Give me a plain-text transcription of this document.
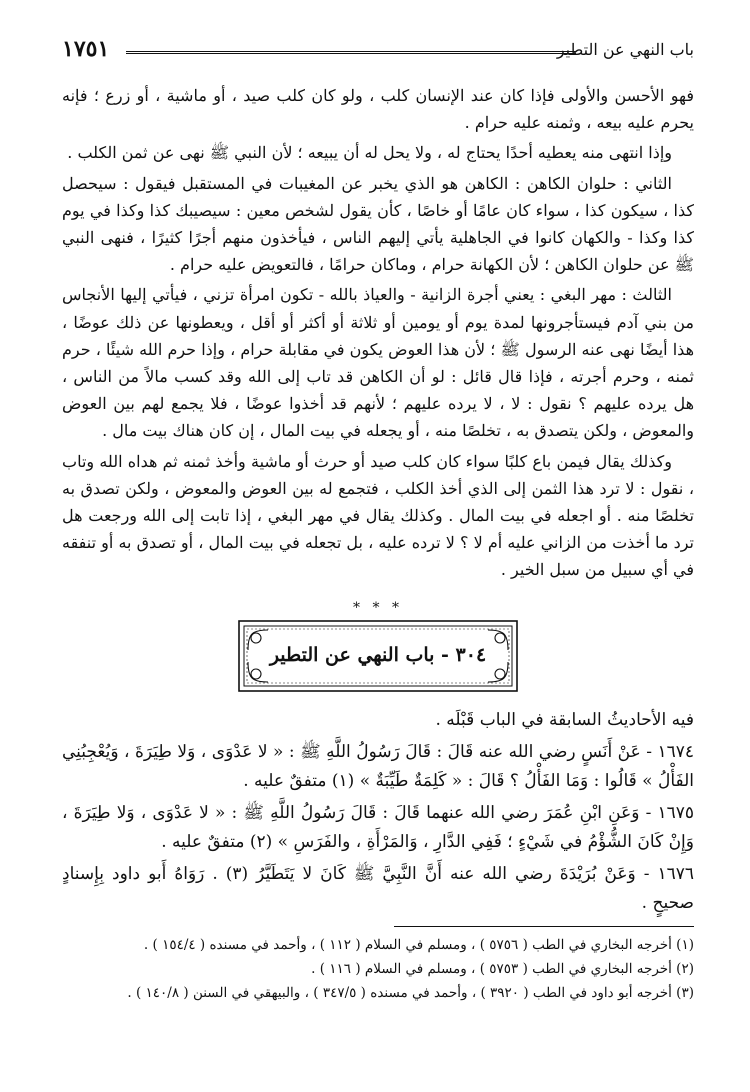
باب النهي عن التطير
١٧٥١

فهو الأحسن والأولى فإذا كان عند الإنسان كلب ، ولو كان كلب صيد ، أو ماشية ، أو زرع ؛ فإنه يحرم عليه بيعه ، وثمنه عليه حرام .

وإذا انتهى منه يعطيه أحدًا يحتاج له ، ولا يحل له أن يبيعه ؛ لأن النبي ﷺ نهى عن ثمن الكلب .

الثاني : حلوان الكاهن : الكاهن هو الذي يخبر عن المغيبات في المستقبل فيقول : سيحصل كذا ، سيكون كذا ، سواء كان عامًا أو خاصًا ، كأن يقول لشخص معين : سيصيبك كذا وكذا في يوم كذا وكذا - والكهان كانوا في الجاهلية يأتي إليهم الناس ، فيأخذون منهم أجرًا كثيرًا ، فنهى النبي ﷺ عن حلوان الكاهن ؛ لأن الكهانة حرام ، وماكان حرامًا ، فالتعويض عليه حرام .

الثالث : مهر البغي : يعني أجرة الزانية - والعياذ بالله - تكون امرأة تزني ، فيأتي إليها الأنجاس من بني آدم فيستأجرونها لمدة يوم أو يومين أو ثلاثة أو أكثر أو أقل ، ويعطونها عن ذلك عوضًا ، هذا أيضًا نهى عنه الرسول ﷺ ؛ لأن هذا العوض يكون في مقابلة حرام ، وإذا حرم الله شيئًا ، حرم ثمنه ، وحرم أجرته ، فإذا قال قائل : لو أن الكاهن قد تاب إلى الله وقد كسب مالاً من الناس ، هل يرده عليهم ؟ نقول : لا ، لا يرده عليهم ؛ لأنهم قد أخذوا عوضًا ، فلا يجمع لهم بين العوض والمعوض ، ولكن يتصدق به ، تخلصًا منه ، أو يجعله في بيت المال ، إن كان هناك بيت مال .

وكذلك يقال فيمن باع كلبًا سواء كان كلب صيد أو حرث أو ماشية وأخذ ثمنه ثم هداه الله وتاب ، نقول : لا ترد هذا الثمن إلى الذي أخذ الكلب ، فتجمع له بين العوض والمعوض ، ولكن تصدق به تخلصًا منه . أو اجعله في بيت المال . وكذلك يقال في مهر البغي ، إذا تابت إلى الله ورجعت هل ترد ما أخذت من الزاني عليه أم لا ؟ لا ترده عليه ، بل تجعله في بيت المال ، أو تصدق به أو تنفقه في أي سبيل من سبل الخير .

* * *
٣٠٤ - باب النهي عن التطير

فيه الأحاديثُ السابقة في الباب قَبْلَه .

١٦٧٤ - عَنْ أَنَسٍ رضي الله عنه قَالَ : قَالَ رَسُولُ اللَّهِ ﷺ : « لا عَدْوَى ، وَلا طِيَرَةَ ، وَيُعْجِبُنِي الفَأْلُ » قَالُوا : وَمَا الفَأْلُ ؟ قَالَ : « كَلِمَةٌ طَيِّبَةٌ » (١) متفقٌ عليه .

١٦٧٥ - وَعَنِ ابْنِ عُمَرَ رضي الله عنهما قَالَ : قَالَ رَسُولُ اللَّهِ ﷺ : « لا عَدْوَى ، وَلا طِيَرَةَ ، وَإِنْ كَانَ الشُّؤْمُ في شَيْءٍ ؛ فَفِي الدَّارِ ، وَالمَرْأَةِ ، والفَرَسِ » (٢) متفقٌ عليه .

١٦٧٦ - وَعَنْ بُرَيْدَةَ رضي الله عنه أَنَّ النَّبِيَّ ﷺ كَانَ لا يَتَطَيَّرُ (٣) . رَوَاهُ أَبو داود بِإِسنادٍ صحيحٍ .

(١) أخرجه البخاري في الطب ( ٥٧٥٦ ) ، ومسلم في السلام ( ١١٢ ) ، وأحمد في مسنده ( ١٥٤/٤ ) .

(٢) أخرجه البخاري في الطب ( ٥٧٥٣ ) ، ومسلم في السلام ( ١١٦ ) .

(٣) أخرجه أبو داود في الطب ( ٣٩٢٠ ) ، وأحمد في مسنده ( ٣٤٧/٥ ) ، والبيهقي في السنن ( ١٤٠/٨ ) .
